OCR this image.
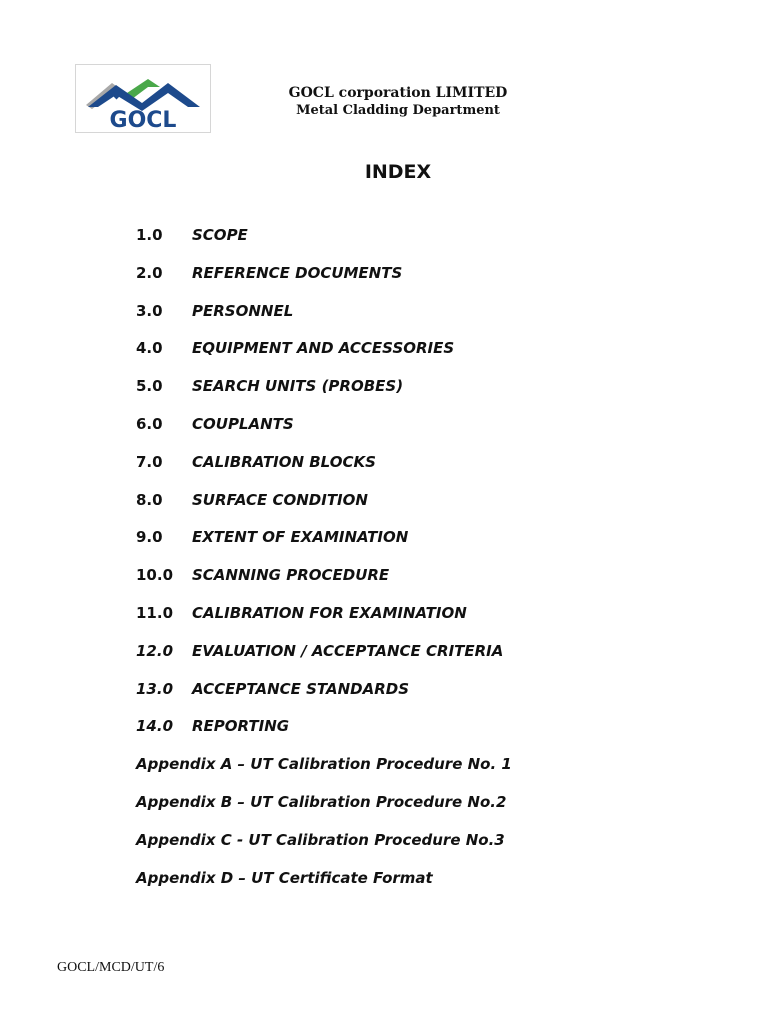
GOCL
GOCL corporation LIMITED
Metal Cladding Department
INDEX
1.0	SCOPE
2.0	REFERENCE DOCUMENTS
3.0	PERSONNEL
4.0	EQUIPMENT AND ACCESSORIES
5.0	SEARCH UNITS (PROBES)
6.0	COUPLANTS
7.0	CALIBRATION BLOCKS
8.0	SURFACE CONDITION
9.0	EXTENT OF EXAMINATION
10.0	SCANNING PROCEDURE
11.0	CALIBRATION FOR EXAMINATION
12.0	EVALUATION / ACCEPTANCE CRITERIA
13.0	ACCEPTANCE STANDARDS
14.0	REPORTING
Appendix A – UT Calibration Procedure No. 1
Appendix B – UT Calibration Procedure No.2
Appendix C - UT Calibration Procedure No.3
Appendix D – UT Certificate Format
GOCL/MCD/UT/6
